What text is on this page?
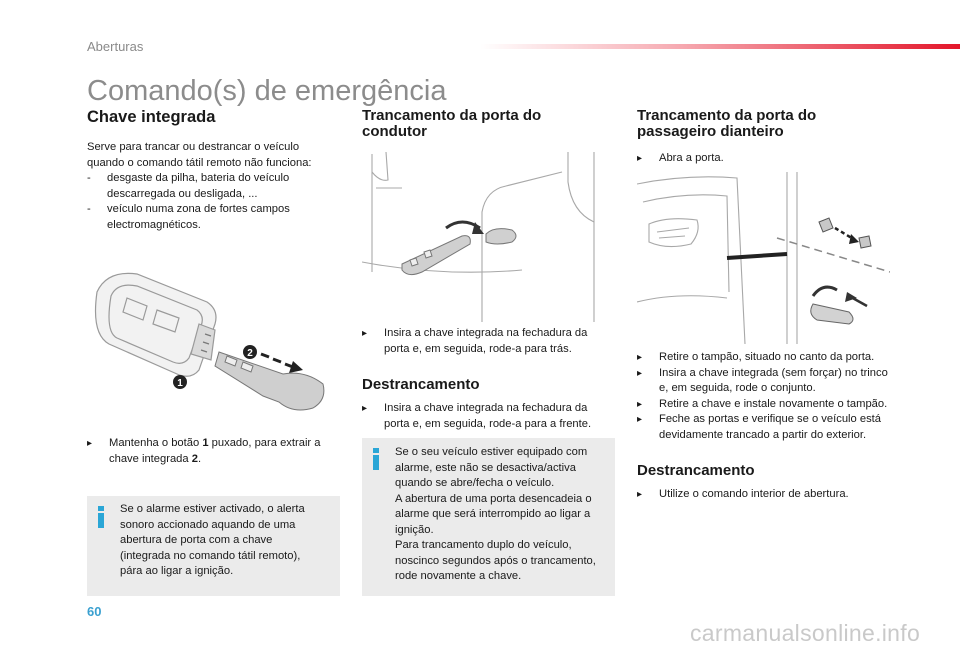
Aberturas
Comando(s) de emergência
Chave integrada

Serve para trancar ou destrancar o veículo quando o comando tátil remoto não funciona:

-	desgaste da pilha, bateria do veículo descarregada ou desligada, ...
-	veículo numa zona de fortes campos electromagnéticos.
2
1
▸	Mantenha o botão 1 puxado, para extrair a chave integrada 2.

Se o alarme estiver activado, o alerta sonoro accionado aquando de uma abertura de porta com a chave (integrada no comando tátil remoto), pára ao ligar a ignição.

Trancamento da porta do condutor
▸	Insira a chave integrada na fechadura da porta e, em seguida, rode-a para trás.
Destrancamento
▸	Insira a chave integrada na fechadura da porta e, em seguida, rode-a para a frente.

Se o seu veículo estiver equipado com alarme, este não se desactiva/activa quando se abre/fecha o veículo.
A abertura de uma porta desencadeia o alarme que será interrompido ao ligar a ignição.
Para trancamento duplo do veículo, noscinco segundos após o trancamento, rode novamente a chave.

Trancamento da porta do passageiro dianteiro
▸	Abra a porta.
▸	Retire o tampão, situado no canto da porta.
▸	Insira a chave integrada (sem forçar) no trinco e, em seguida, rode o conjunto.
▸	Retire a chave e instale novamente o tampão.
▸	Feche as portas e verifique se o veículo está devidamente trancado a partir do exterior.
Destrancamento
▸	Utilize o comando interior de abertura.
60
carmanualsonline.info
